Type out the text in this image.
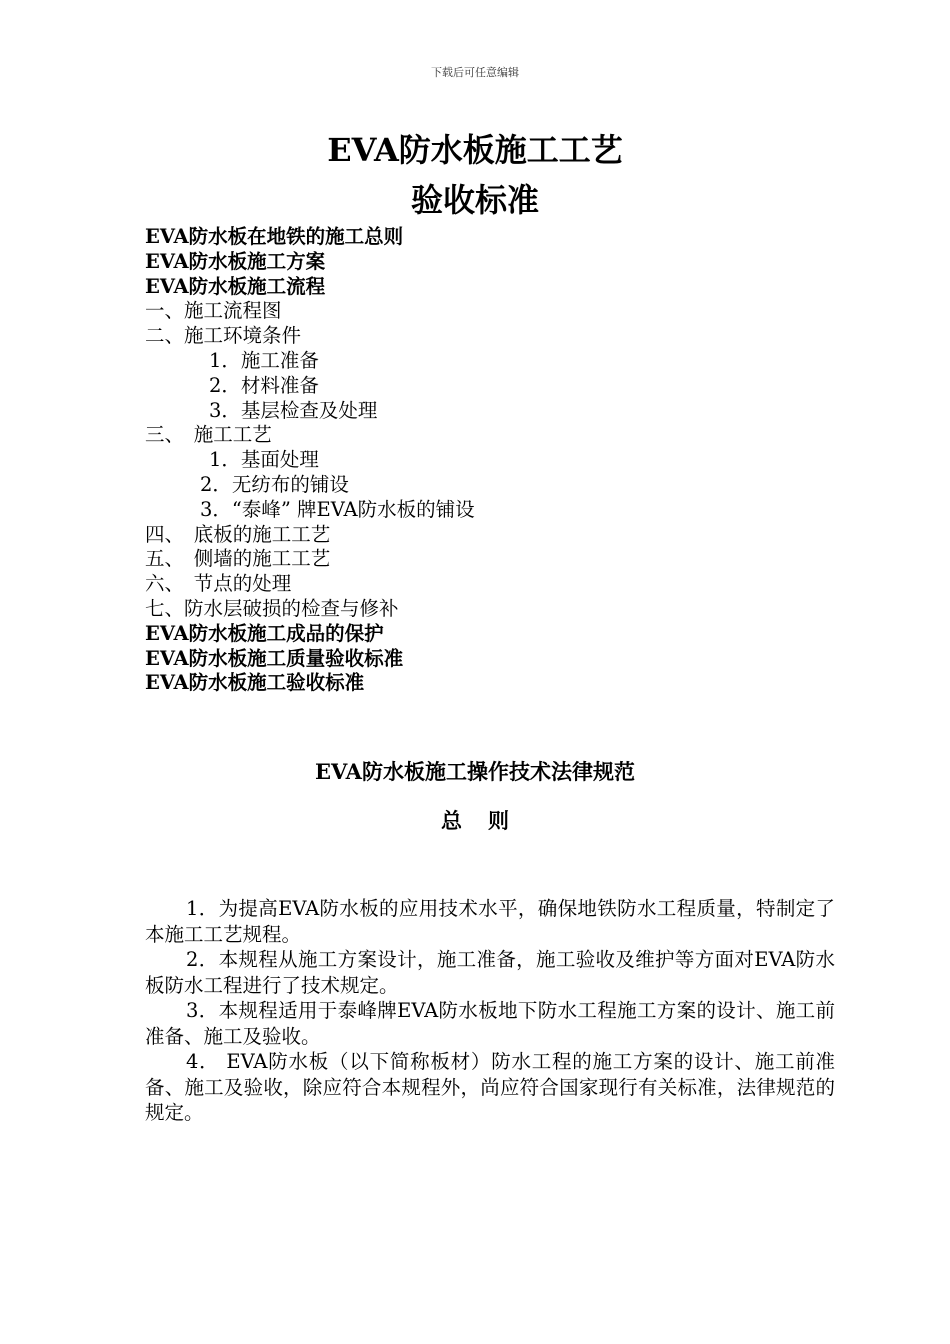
下载后可任意编辑
EVA防水板施工工艺
验收标准
EVA防水板在地铁的施工总则
EVA防水板施工方案
EVA防水板施工流程
一、施工流程图
二、施工环境条件
1．施工准备
2．材料准备
3．基层检查及处理
三、　施工工艺
1．基面处理
2．无纺布的铺设
3．“泰峰” 牌EVA防水板的铺设
四、　底板的施工工艺
五、　侧墙的施工工艺
六、　节点的处理
七、防水层破损的检查与修补
EVA防水板施工成品的保护
EVA防水板施工质量验收标准
EVA防水板施工验收标准
EVA防水板施工操作技术法律规范
总则

1．为提高EVA防水板的应用技术水平，确保地铁防水工程质量，特制定了本施工工艺规程。

2．本规程从施工方案设计，施工准备，施工验收及维护等方面对EVA防水板防水工程进行了技术规定。

3．本规程适用于泰峰牌EVA防水板地下防水工程施工方案的设计、施工前准备、施工及验收。

4． EVA防水板（以下简称板材）防水工程的施工方案的设计、施工前准备、施工及验收，除应符合本规程外，尚应符合国家现行有关标准，法律规范的规定。
